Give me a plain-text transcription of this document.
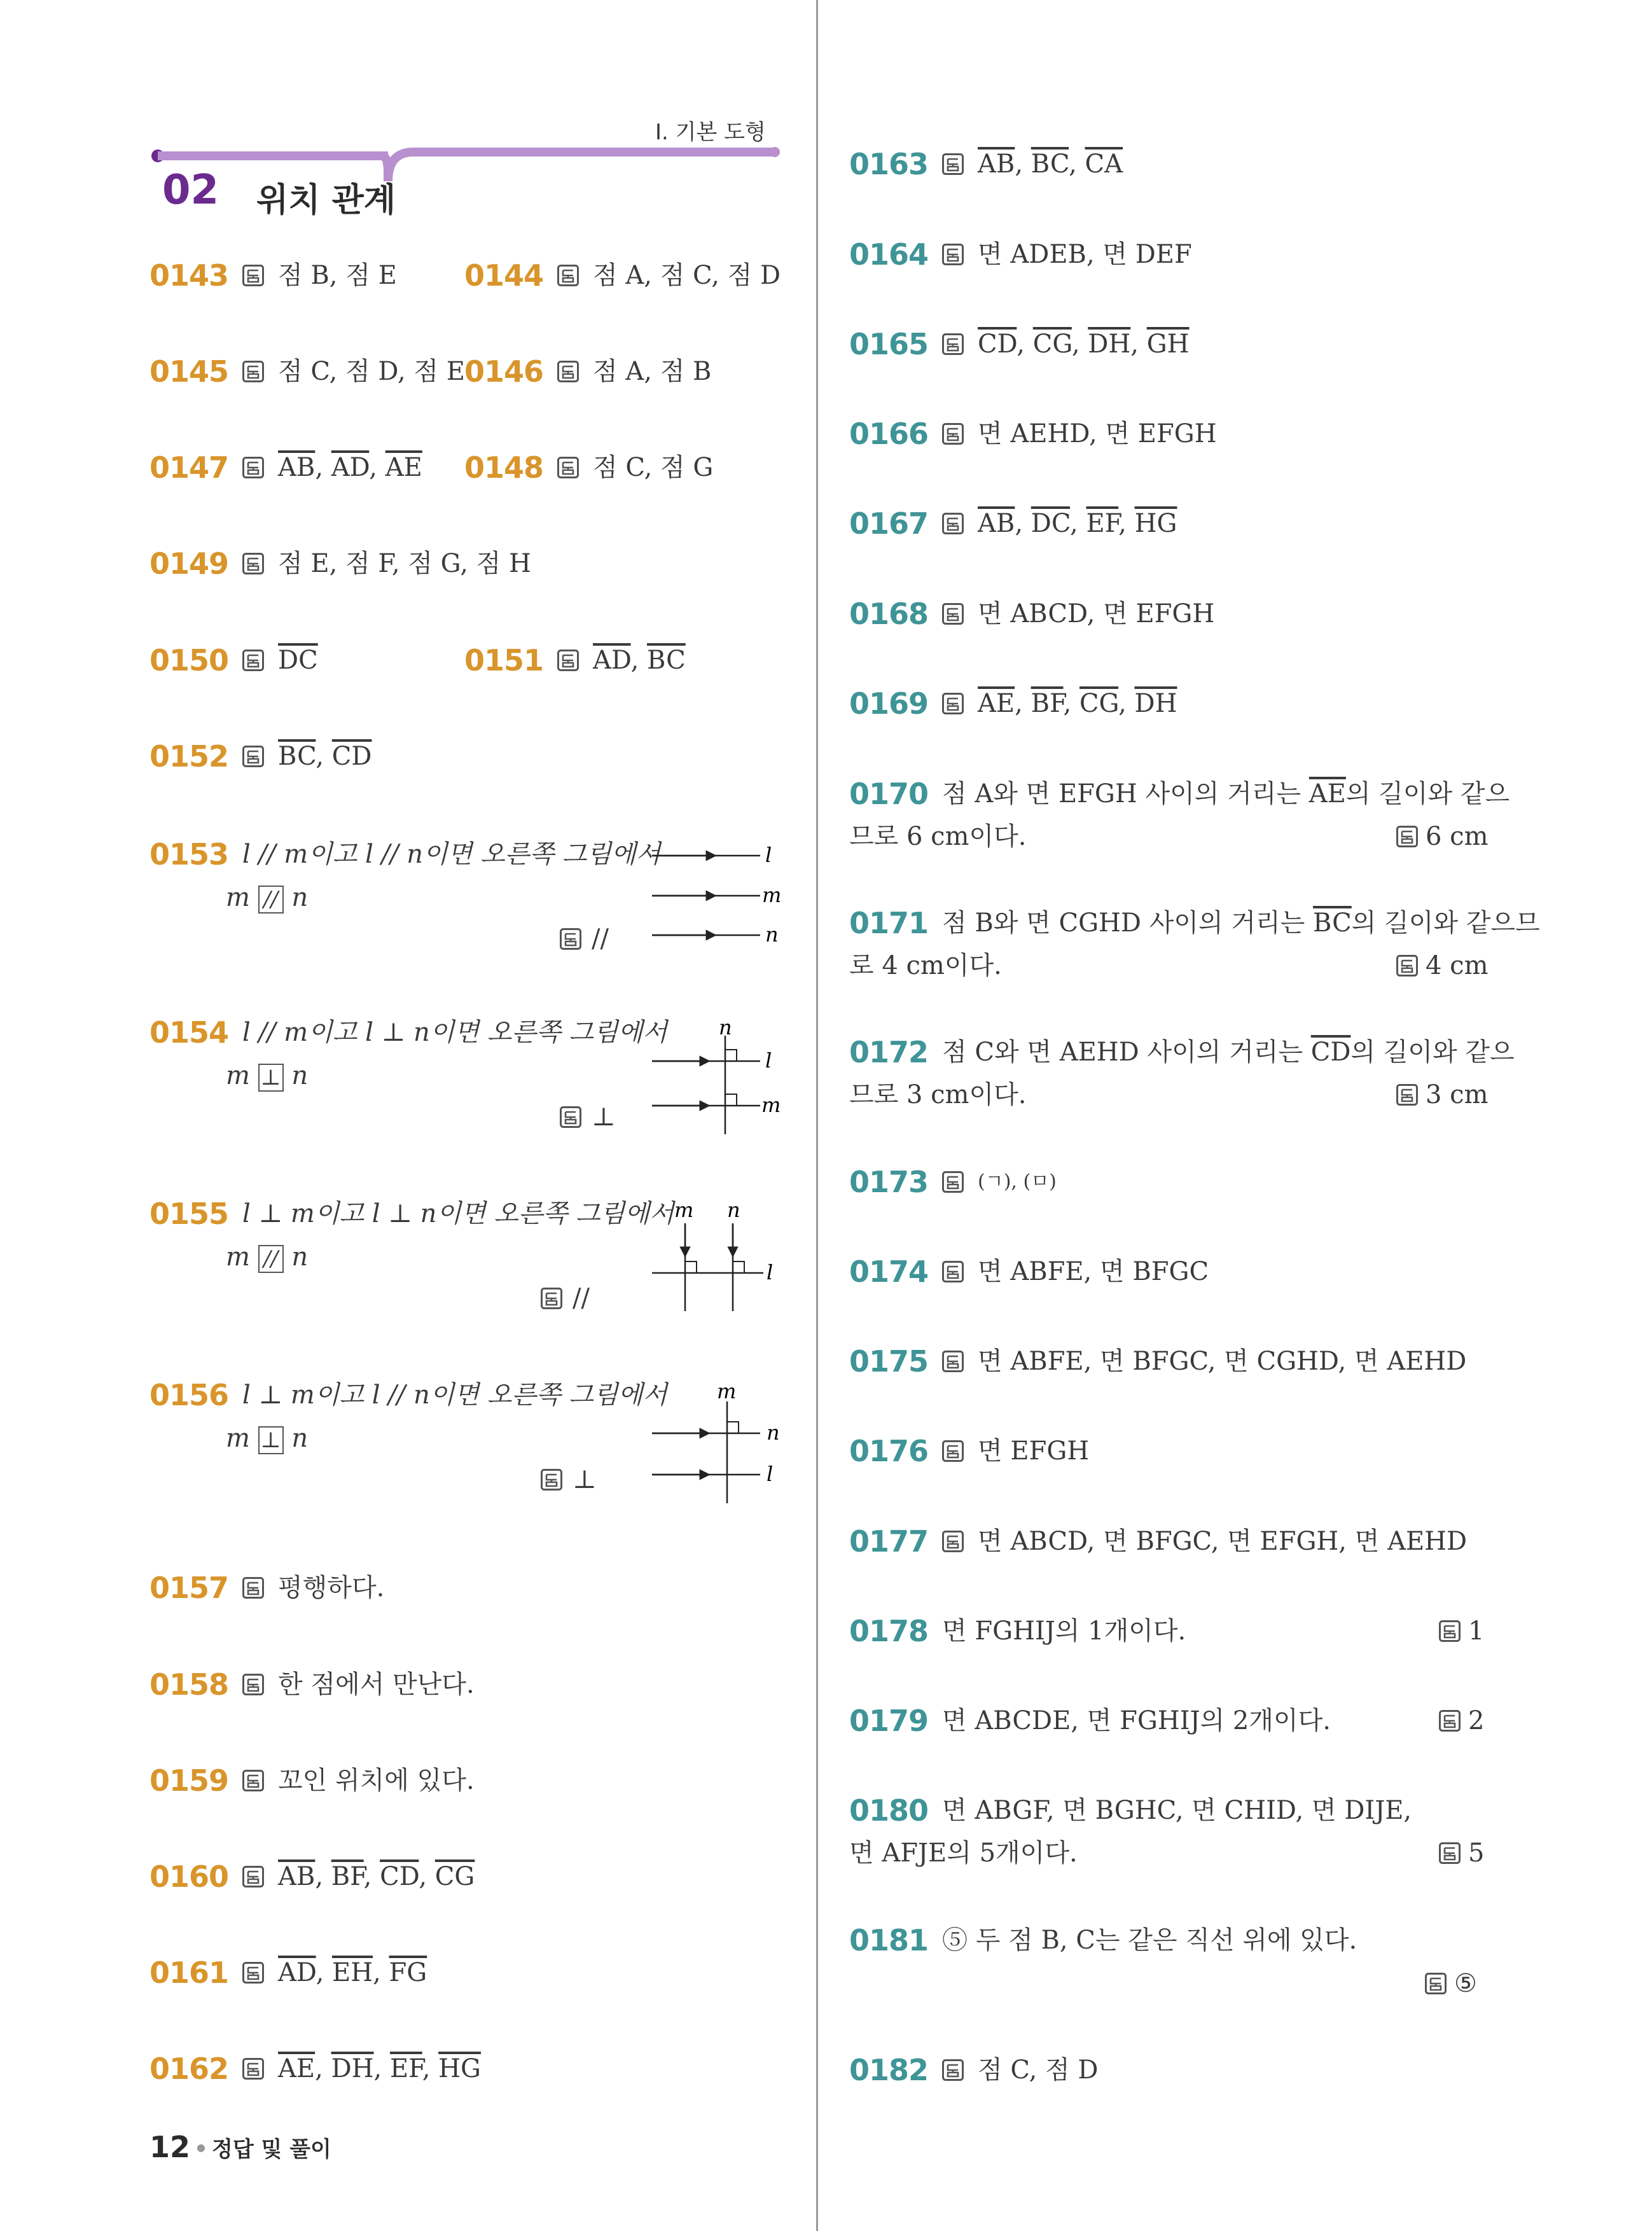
Ⅰ. 기본 도형
02 위치 관계
0143 점 B, 점 E 0144 점 A, 점 C, 점 D
0145 점 C, 점 D, 점 E 0146 점 A, 점 B
0147 $\overline{AB}$, $\overline{AD}$, $\overline{AE}$ 0148 점 C, 점 G
0149 점 E, 점 F, 점 G, 점 H
0150 $\overline{DC}$	0151 $\overline{AD}$, $\overline{BC}$
0152 $\overline{BC}$, $\overline{CD}$
0153 l // m이고 l // n이면 오른쪽 그림에서
m // n
//
l
m
n
0154 l // m이고 l ⊥ n이면 오른쪽 그림에서
m ⊥ n
⊥
n
l
m
0155 l ⊥ m이고 l ⊥ n이면 오른쪽 그림에서
m // n
//
m n
l
0156 l ⊥ m이고 l // n이면 오른쪽 그림에서
m ⊥ n
⊥
m
n
l
0157 평행하다.
0158 한 점에서 만난다.
0159 꼬인 위치에 있다.
0160 $\overline{AB}$, $\overline{BF}$, $\overline{CD}$, $\overline{CG}$
0161 $\overline{AD}$, $\overline{EH}$, $\overline{FG}$
0162 $\overline{AE}$, $\overline{DH}$, $\overline{EF}$, $\overline{HG}$
12 ● 정답 및 풀이
0163 $\overline{AB}$, $\overline{BC}$, $\overline{CA}$
0164 면 ADEB, 면 DEF
0165 $\overline{CD}$, $\overline{CG}$, $\overline{DH}$, $\overline{GH}$
0166 면 AEHD, 면 EFGH
0167 $\overline{AB}$, $\overline{DC}$, $\overline{EF}$, $\overline{HG}$
0168 면 ABCD, 면 EFGH
0169 $\overline{AE}$, $\overline{BF}$, $\overline{CG}$, $\overline{DH}$
0170 점 A와 면 EFGH 사이의 거리는 $\overline{AE}$의 길이와 같으
므로 6 cm이다.	6 cm
0171 점 B와 면 CGHD 사이의 거리는 $\overline{BC}$의 길이와 같으므
로 4 cm이다.	4 cm
0172 점 C와 면 AEHD 사이의 거리는 $\overline{CD}$의 길이와 같으
므로 3 cm이다.	3 cm
0173	(ㄱ), (ㅁ)
0174 면 ABFE, 면 BFGC
0175 면 ABFE, 면 BFGC, 면 CGHD, 면 AEHD
0176 면 EFGH
0177 면 ABCD, 면 BFGC, 면 EFGH, 면 AEHD
0178 면 FGHIJ의 1개이다.	1
0179 면 ABCDE, 면 FGHIJ의 2개이다.	2
0180 면 ABGF, 면 BGHC, 면 CHID, 면 DIJE,
면 AFJE의 5개이다.	5
0181 ⑤ 두 점 B, C는 같은 직선 위에 있다.
⑤
0182 점 C, 점 D
